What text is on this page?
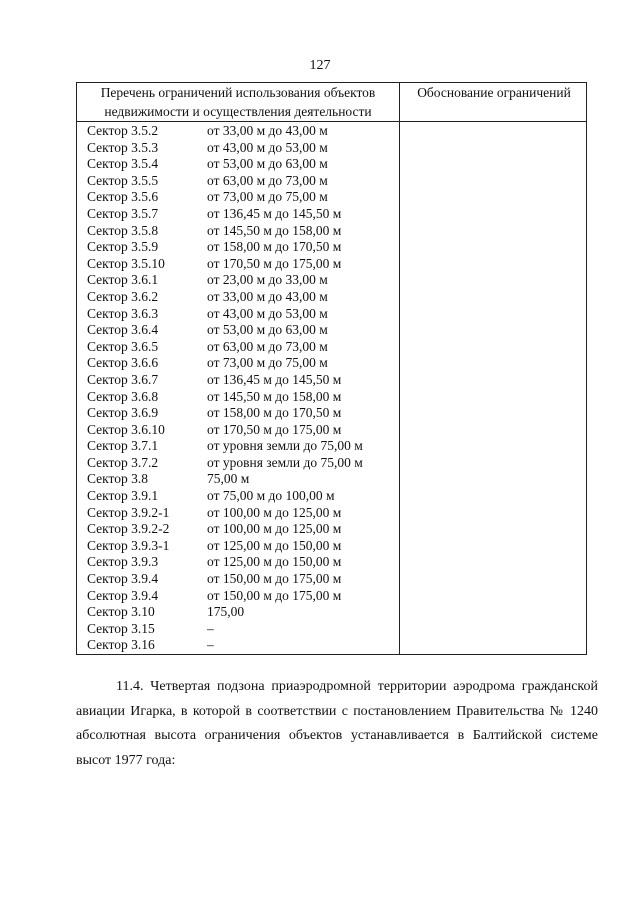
127
Перечень ограничений использования объектов недвижимости и осуществления деятельности
Обоснование ограничений
Сектор 3.5.2	от 33,00 м до 43,00 м
Сектор 3.5.3	от 43,00 м до 53,00 м
Сектор 3.5.4	от 53,00 м до 63,00 м
Сектор 3.5.5	от 63,00 м до 73,00 м
Сектор 3.5.6	от 73,00 м до 75,00 м
Сектор 3.5.7	от 136,45 м до 145,50 м
Сектор 3.5.8	от 145,50 м до 158,00 м
Сектор 3.5.9	от 158,00 м до 170,50 м
Сектор 3.5.10	от 170,50 м до 175,00 м
Сектор 3.6.1	от 23,00 м до 33,00 м
Сектор 3.6.2	от 33,00 м до 43,00 м
Сектор 3.6.3	от 43,00 м до 53,00 м
Сектор 3.6.4	от 53,00 м до 63,00 м
Сектор 3.6.5	от 63,00 м до 73,00 м
Сектор 3.6.6	от 73,00 м до 75,00 м
Сектор 3.6.7	от 136,45 м до 145,50 м
Сектор 3.6.8	от 145,50 м до 158,00 м
Сектор 3.6.9	от 158,00 м до 170,50 м
Сектор 3.6.10	от 170,50 м до 175,00 м
Сектор 3.7.1	от уровня земли до 75,00 м
Сектор 3.7.2	от уровня земли до 75,00 м
Сектор 3.8	75,00 м
Сектор 3.9.1	от 75,00 м до 100,00 м
Сектор 3.9.2-1	от 100,00 м до 125,00 м
Сектор 3.9.2-2	от 100,00 м до 125,00 м
Сектор 3.9.3-1	от 125,00 м до 150,00 м
Сектор 3.9.3	от 125,00 м до 150,00 м
Сектор 3.9.4	от 150,00 м до 175,00 м
Сектор 3.9.4	от 150,00 м до 175,00 м
Сектор 3.10	175,00
Сектор 3.15	–
Сектор 3.16	–

11.4. Четвертая подзона приаэродромной территории аэродрома гражданской авиации Игарка, в которой в соответствии с постановлением Правительства № 1240 абсолютная высота ограничения объектов устанавливается в Балтийской системе высот 1977 года:
